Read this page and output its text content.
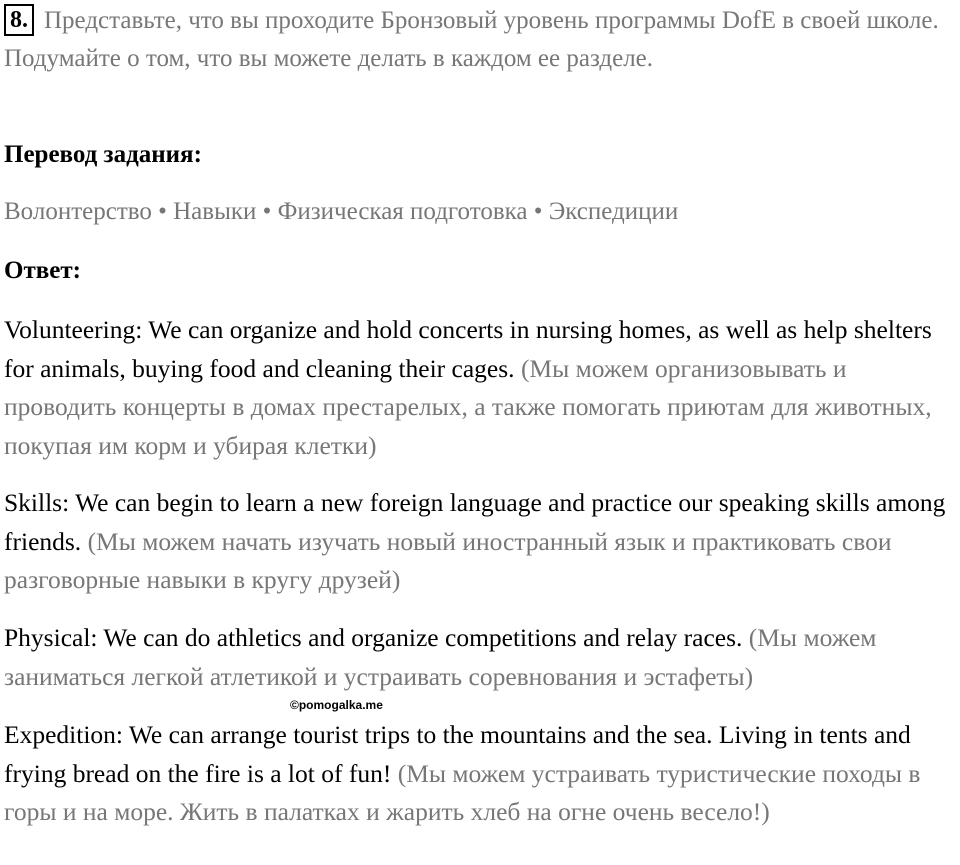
8. Представьте, что вы проходите Бронзовый уровень программы DofE в своей школе. Подумайте о том, что вы можете делать в каждом ее разделе.
Перевод задания:
Волонтерство • Навыки • Физическая подготовка • Экспедиции
Ответ:
Volunteering: We can organize and hold concerts in nursing homes, as well as help shelters for animals, buying food and cleaning their cages. (Мы можем организовывать и проводить концерты в домах престарелых, а также помогать приютам для животных, покупая им корм и убирая клетки)
Skills: We can begin to learn a new foreign language and practice our speaking skills among friends. (Мы можем начать изучать новый иностранный язык и практиковать свои разговорные навыки в кругу друзей)
Physical: We can do athletics and organize competitions and relay races. (Мы можем заниматься легкой атлетикой и устраивать соревнования и эстафеты)
©pomogalka.me
Expedition: We can arrange tourist trips to the mountains and the sea. Living in tents and frying bread on the fire is a lot of fun! (Мы можем устраивать туристические походы в горы и на море. Жить в палатках и жарить хлеб на огне очень весело!)
